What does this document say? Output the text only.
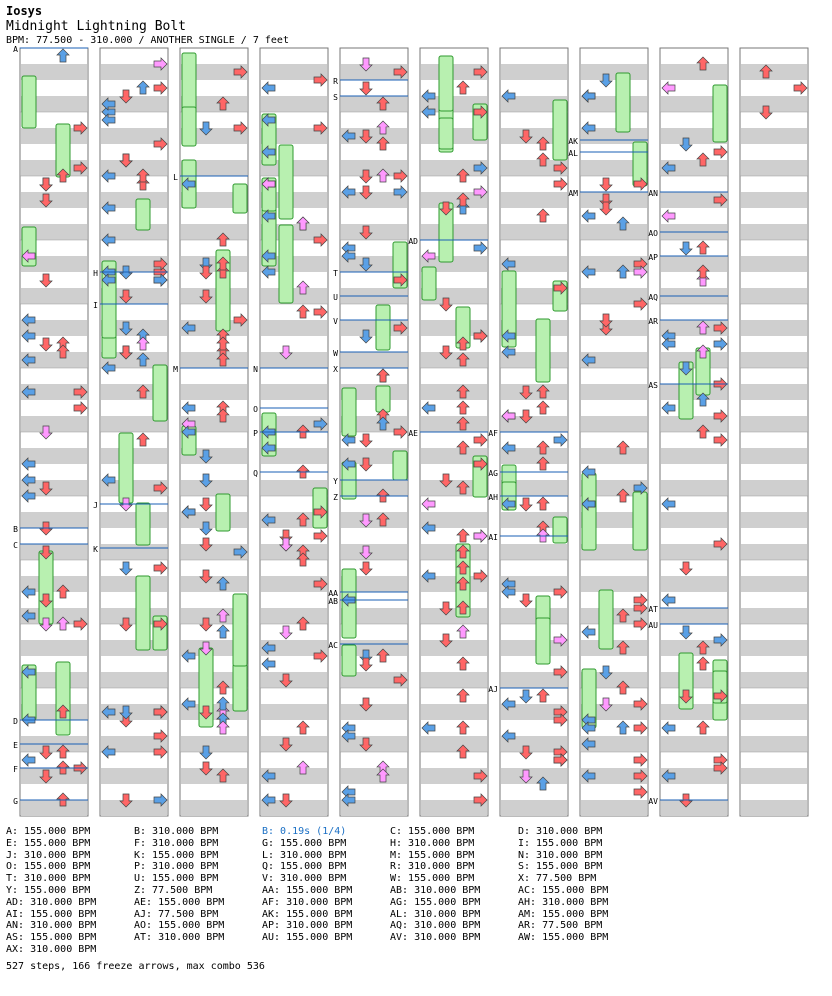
Iosys
Midnight Lightning Bolt
BPM: 77.500 - 310.000 / ANOTHER SINGLE / 7 feet
A
B
C
D
E
F
G
H
I
J
K
L
M	N
O
P
Q
R
S
T
U
V
W
X
Y
Z
AA
AB
AC
AD
AE	AF
AG
AH
AI
AJ
AK
AL
AM	AN
AO
AP
AQ
AR
AS
AT
AU
AV
A: 155.000 BPM	B: 310.000 BPM	B: 0.19s (1/4)	C: 155.000 BPM	D: 310.000 BPM
E: 155.000 BPM	F: 310.000 BPM	G: 155.000 BPM	H: 310.000 BPM	I: 155.000 BPM
J: 310.000 BPM	K: 155.000 BPM	L: 310.000 BPM	M: 155.000 BPM	N: 310.000 BPM
O: 155.000 BPM	P: 310.000 BPM	Q: 155.000 BPM	R: 310.000 BPM	S: 155.000 BPM
T: 310.000 BPM	U: 155.000 BPM	V: 310.000 BPM	W: 155.000 BPM	X: 77.500 BPM
Y: 155.000 BPM	Z: 77.500 BPM	AA: 155.000 BPM	AB: 310.000 BPM	AC: 155.000 BPM
AD: 310.000 BPM	AE: 155.000 BPM	AF: 310.000 BPM	AG: 155.000 BPM	AH: 310.000 BPM
AI: 155.000 BPM	AJ: 77.500 BPM	AK: 155.000 BPM	AL: 310.000 BPM	AM: 155.000 BPM
AN: 310.000 BPM	AO: 155.000 BPM	AP: 310.000 BPM	AQ: 310.000 BPM	AR: 77.500 BPM
AS: 155.000 BPM	AT: 310.000 BPM	AU: 155.000 BPM	AV: 310.000 BPM	AW: 155.000 BPM
AX: 310.000 BPM
527 steps, 166 freeze arrows, max combo 536
